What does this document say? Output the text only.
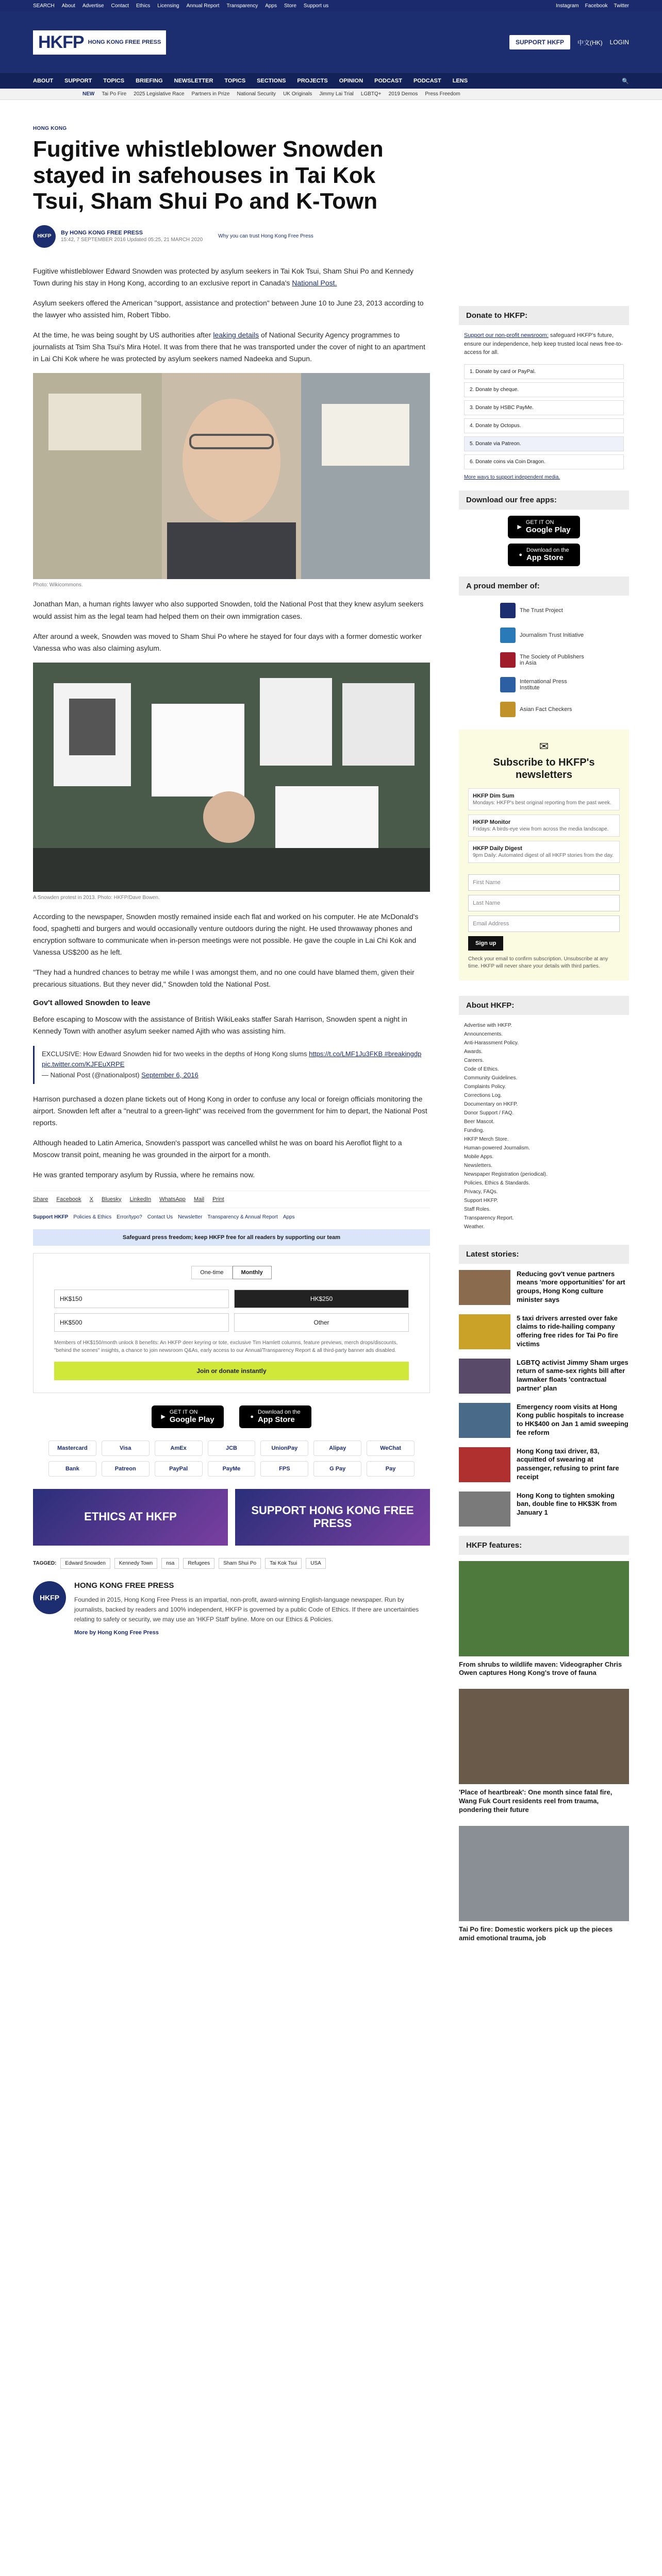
SEARCH About Advertise Contact Ethics Licensing Annual Report Transparency Apps Store Support us	Instagram Facebook Twitter
HKFP HONG KONG FREE PRESS	SUPPORT HKFP	中文(HK) LOGIN
ABOUT SUPPORT TOPICS BRIEFING NEWSLETTER TOPICS SECTIONS PROJECTS OPINION PODCAST PODCAST LENS	🔍
NEW Tai Po Fire 2025 Legislative Race Partners in Prize National Security UK Originals Jimmy Lai Trial LGBTQ+ 2019 Demos Press Freedom
HONG KONG
Fugitive whistleblower Snowden stayed in safehouses in Tai Kok Tsui, Sham Shui Po and K-Town
HKFP
By HONG KONG FREE PRESS
15:42, 7 SEPTEMBER 2016 Updated 05:25, 21 MARCH 2020
Why you can trust Hong Kong Free Press

Fugitive whistleblower Edward Snowden was protected by asylum seekers in Tai Kok Tsui, Sham Shui Po and Kennedy Town during his stay in Hong Kong, according to an exclusive report in Canada's National Post.

Asylum seekers offered the American "support, assistance and protection" between June 10 to June 23, 2013 according to the lawyer who assisted him, Robert Tibbo.

At the time, he was being sought by US authorities after leaking details of National Security Agency programmes to journalists at Tsim Sha Tsui's Mira Hotel. It was from there that he was transported under the cover of night to an apartment in Lai Chi Kok where he was protected by asylum seekers named Nadeeka and Supun.

Photo: Wikicommons.

Jonathan Man, a human rights lawyer who also supported Snowden, told the National Post that they knew asylum seekers would assist him as the legal team had helped them on their own immigration cases.

After around a week, Snowden was moved to Sham Shui Po where he stayed for four days with a former domestic worker Vanessa who was also claiming asylum.

A Snowden protest in 2013. Photo: HKFP/Dave Bowen.

According to the newspaper, Snowden mostly remained inside each flat and worked on his computer. He ate McDonald's food, spaghetti and burgers and would occasionally venture outdoors during the night. He used throwaway phones and encryption software to communicate when in-person meetings were not possible. He gave the couple in Lai Chi Kok and Vanessa US$200 as he left.

"They had a hundred chances to betray me while I was amongst them, and no one could have blamed them, given their precarious situations. But they never did," Snowden told the National Post.

Gov't allowed Snowden to leave

Before escaping to Moscow with the assistance of British WikiLeaks staffer Sarah Harrison, Snowden spent a night in Kennedy Town with another asylum seeker named Ajith who was assisting him.

EXCLUSIVE: How Edward Snowden hid for two weeks in the depths of Hong Kong slums https://t.co/LMF1Ju3FKB #breakingdp pic.twitter.com/KJFEuXRPE
— National Post (@nationalpost) September 6, 2016

Harrison purchased a dozen plane tickets out of Hong Kong in order to confuse any local or foreign officials monitoring the airport. Snowden left after a "neutral to a green-light" was received from the government for him to depart, the National Post reports.

Although headed to Latin America, Snowden's passport was cancelled whilst he was on board his Aeroflot flight to a Moscow transit point, meaning he was grounded in the airport for a month.

He was granted temporary asylum by Russia, where he remains now.

Share Facebook X Bluesky LinkedIn WhatsApp Mail Print
Support HKFP Policies & Ethics Error/typo? Contact Us Newsletter Transparency & Annual Report Apps
Safeguard press freedom; keep HKFP free for all readers by supporting our team
One-time	Monthly
HK$150	HK$250
HK$500	Other
Members of HK$150/month unlock 8 benefits: An HKFP deer keyring or tote, exclusive Tim Hamlett columns, feature previews, merch drops/discounts, "behind the scenes" insights, a chance to join newsroom Q&As, early access to our Annual/Transparency Report & all third-party banner ads disabled.
Join or donate instantly
▶
GET IT ON
Google Play	●
Download on the
App Store
Mastercard	Visa	AmEx	JCB	UnionPay	Alipay	WeChat
Bank	Patreon	PayPal	PayMe	FPS	G Pay	Pay
ETHICS AT HKFP	SUPPORT HONG KONG FREE PRESS
TAGGED:	Edward Snowden	Kennedy Town	nsa	Refugees	Sham Shui Po	Tai Kok Tsui	USA
HKFP
HONG KONG FREE PRESS

Founded in 2015, Hong Kong Free Press is an impartial, non-profit, award-winning English-language newspaper. Run by journalists, backed by readers and 100% independent, HKFP is governed by a public Code of Ethics. If there are uncertainties relating to safety or security, we may use an 'HKFP Staff' byline. More on our Ethics & Policies.

More by Hong Kong Free Press
Donate to HKFP:
Support our non-profit newsroom: safeguard HKFP's future, ensure our independence, help keep trusted local news free-to-access for all.
1. Donate by card or PayPal.
2. Donate by cheque.
3. Donate by HSBC PayMe.
4. Donate by Octopus.
5. Donate via Patreon.
6. Donate coins via Coin Dragon.
More ways to support independent media.
Download our free apps:
▶
GET IT ON
Google Play
●
Download on the
App Store
A proud member of:
The Trust Project
Journalism Trust Initiative
The Society of Publishers in Asia
International Press Institute
Asian Fact Checkers
✉
Subscribe to HKFP's newsletters
HKFP Dim Sum
Mondays: HKFP's best original reporting from the past week.
HKFP Monitor
Fridays: A birds-eye view from across the media landscape.
HKFP Daily Digest
9pm Daily: Automated digest of all HKFP stories from the day.
First Name
Last Name
Email Address
Sign up
Check your email to confirm subscription. Unsubscribe at any time. HKFP will never share your details with third parties.
About HKFP:
Advertise with HKFP.
Announcements.
Anti-Harassment Policy.
Awards.
Careers.
Code of Ethics.
Community Guidelines.
Complaints Policy.
Corrections Log.
Documentary on HKFP.
Donor Support / FAQ.
Beer Mascot.
Funding.
HKFP Merch Store.
Human-powered Journalism.
Mobile Apps.
Newsletters.
Newspaper Registration (periodical).
Policies, Ethics & Standards.
Privacy, FAQs.
Support HKFP.
Staff Roles.
Transparency Report.
Weather.
Latest stories:
Reducing gov't venue partners means 'more opportunities' for art groups, Hong Kong culture minister says
5 taxi drivers arrested over fake claims to ride-hailing company offering free rides for Tai Po fire victims
LGBTQ activist Jimmy Sham urges return of same-sex rights bill after lawmaker floats 'contractual partner' plan
Emergency room visits at Hong Kong public hospitals to increase to HK$400 on Jan 1 amid sweeping fee reform
Hong Kong taxi driver, 83, acquitted of swearing at passenger, refusing to print fare receipt
Hong Kong to tighten smoking ban, double fine to HK$3K from January 1
HKFP features:
From shrubs to wildlife maven: Videographer Chris Owen captures Hong Kong's trove of fauna
'Place of heartbreak': One month since fatal fire, Wang Fuk Court residents reel from trauma, pondering their future
Tai Po fire: Domestic workers pick up the pieces amid emotional trauma, job
